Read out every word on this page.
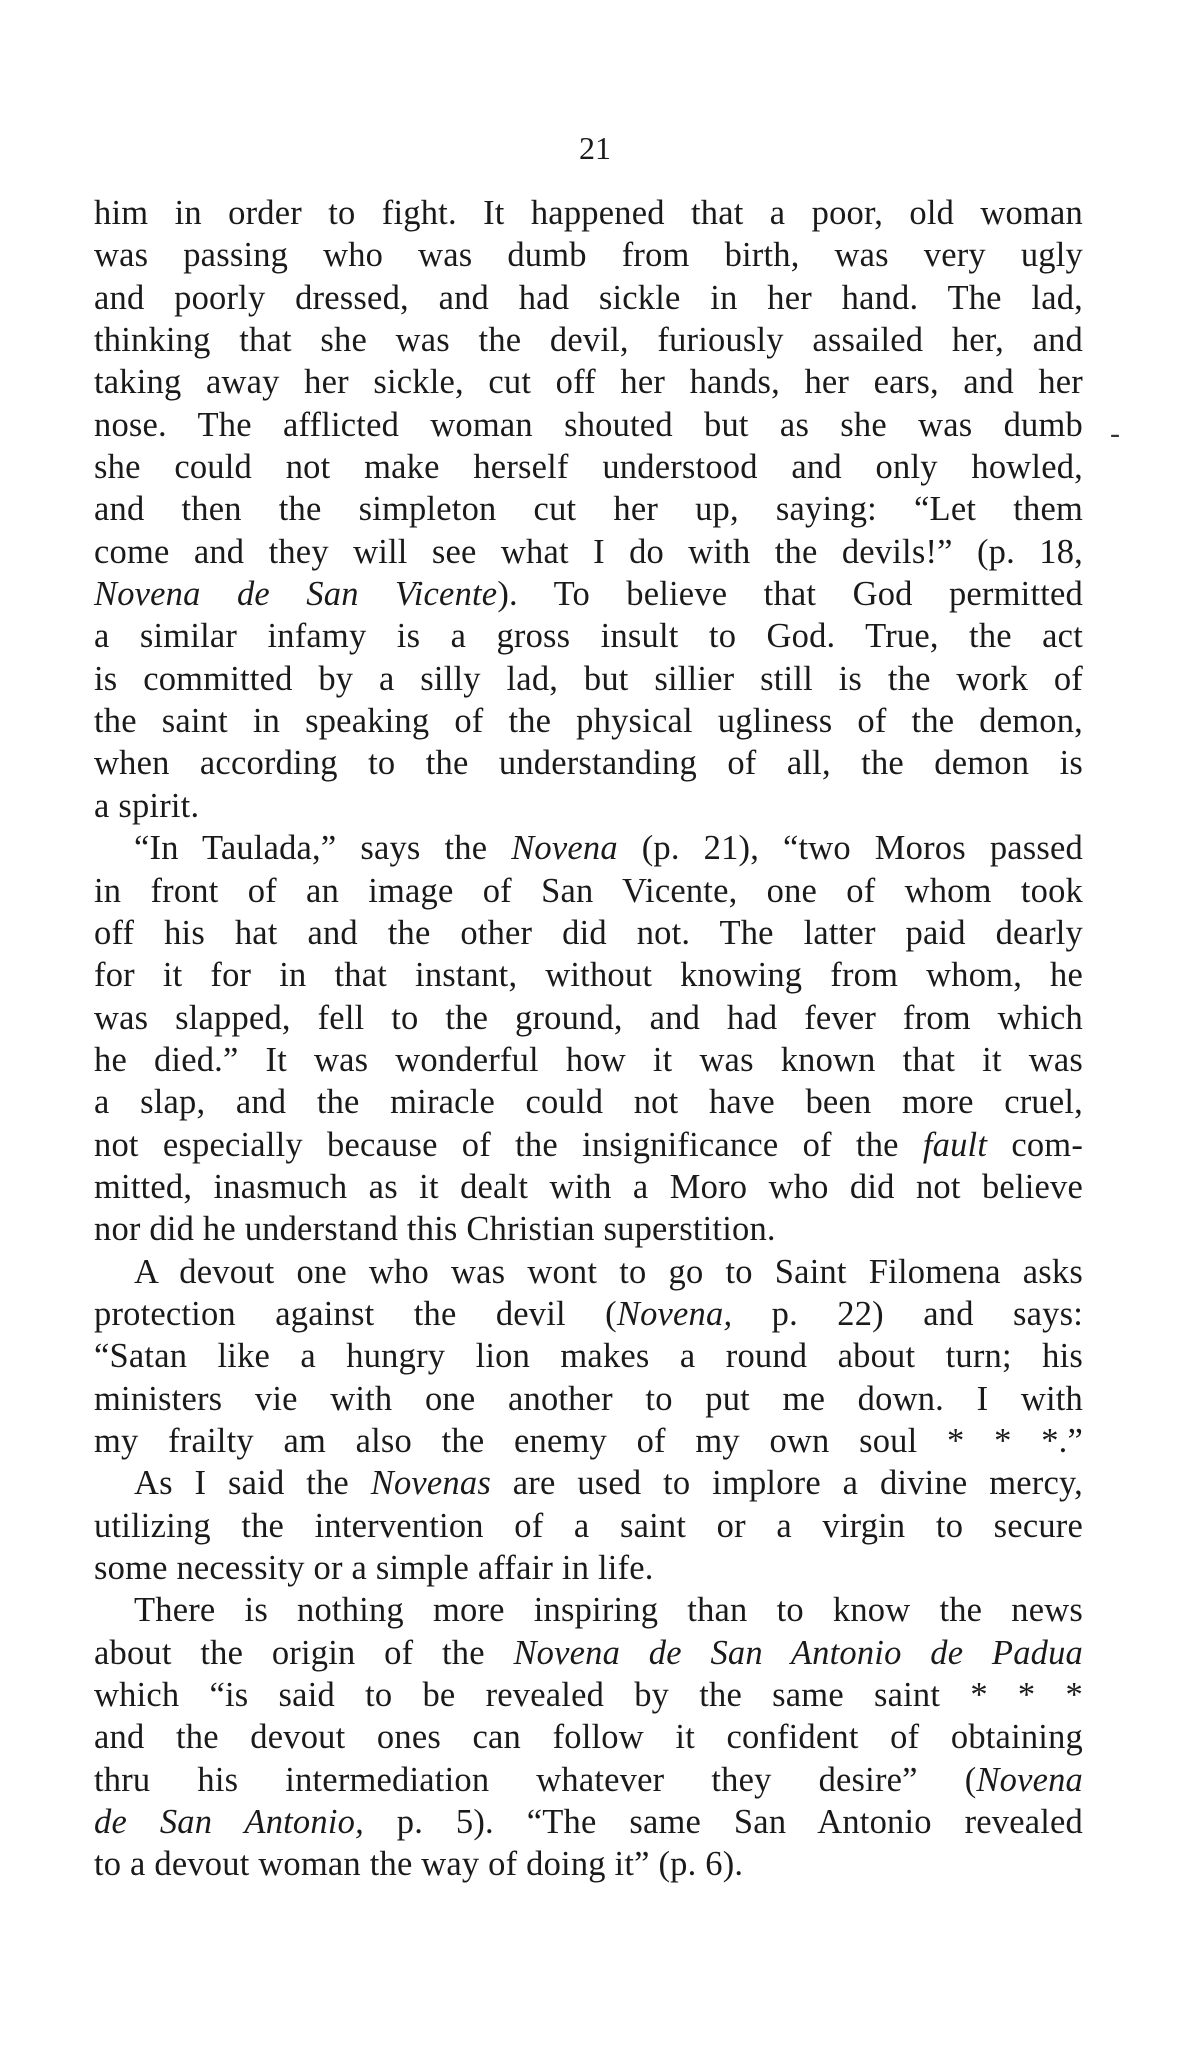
21
-
him in order to fight. It happened that a poor, old woman
was passing who was dumb from birth, was very ugly
and poorly dressed, and had sickle in her hand. The lad,
thinking that she was the devil, furiously assailed her, and
taking away her sickle, cut off her hands, her ears, and her
nose. The afflicted woman shouted but as she was dumb
she could not make herself understood and only howled,
and then the simpleton cut her up, saying: “Let them
come and they will see what I do with the devils!” (p. 18,
Novena de San Vicente). To believe that God permitted
a similar infamy is a gross insult to God. True, the act
is committed by a silly lad, but sillier still is the work of
the saint in speaking of the physical ugliness of the demon,
when according to the understanding of all, the demon is
a spirit.
“In Taulada,” says the Novena (p. 21), “two Moros passed
in front of an image of San Vicente, one of whom took
off his hat and the other did not. The latter paid dearly
for it for in that instant, without knowing from whom, he
was slapped, fell to the ground, and had fever from which
he died.” It was wonderful how it was known that it was
a slap, and the miracle could not have been more cruel,
not especially because of the insignificance of the fault com-
mitted, inasmuch as it dealt with a Moro who did not believe
nor did he understand this Christian superstition.
A devout one who was wont to go to Saint Filomena asks
protection against the devil (Novena, p. 22) and says:
“Satan like a hungry lion makes a round about turn; his
ministers vie with one another to put me down. I with
my frailty am also the enemy of my own soul * * *.”
As I said the Novenas are used to implore a divine mercy,
utilizing the intervention of a saint or a virgin to secure
some necessity or a simple affair in life.
There is nothing more inspiring than to know the news
about the origin of the Novena de San Antonio de Padua
which “is said to be revealed by the same saint * * *
and the devout ones can follow it confident of obtaining
thru his intermediation whatever they desire” (Novena
de San Antonio, p. 5). “The same San Antonio revealed
to a devout woman the way of doing it” (p. 6).
